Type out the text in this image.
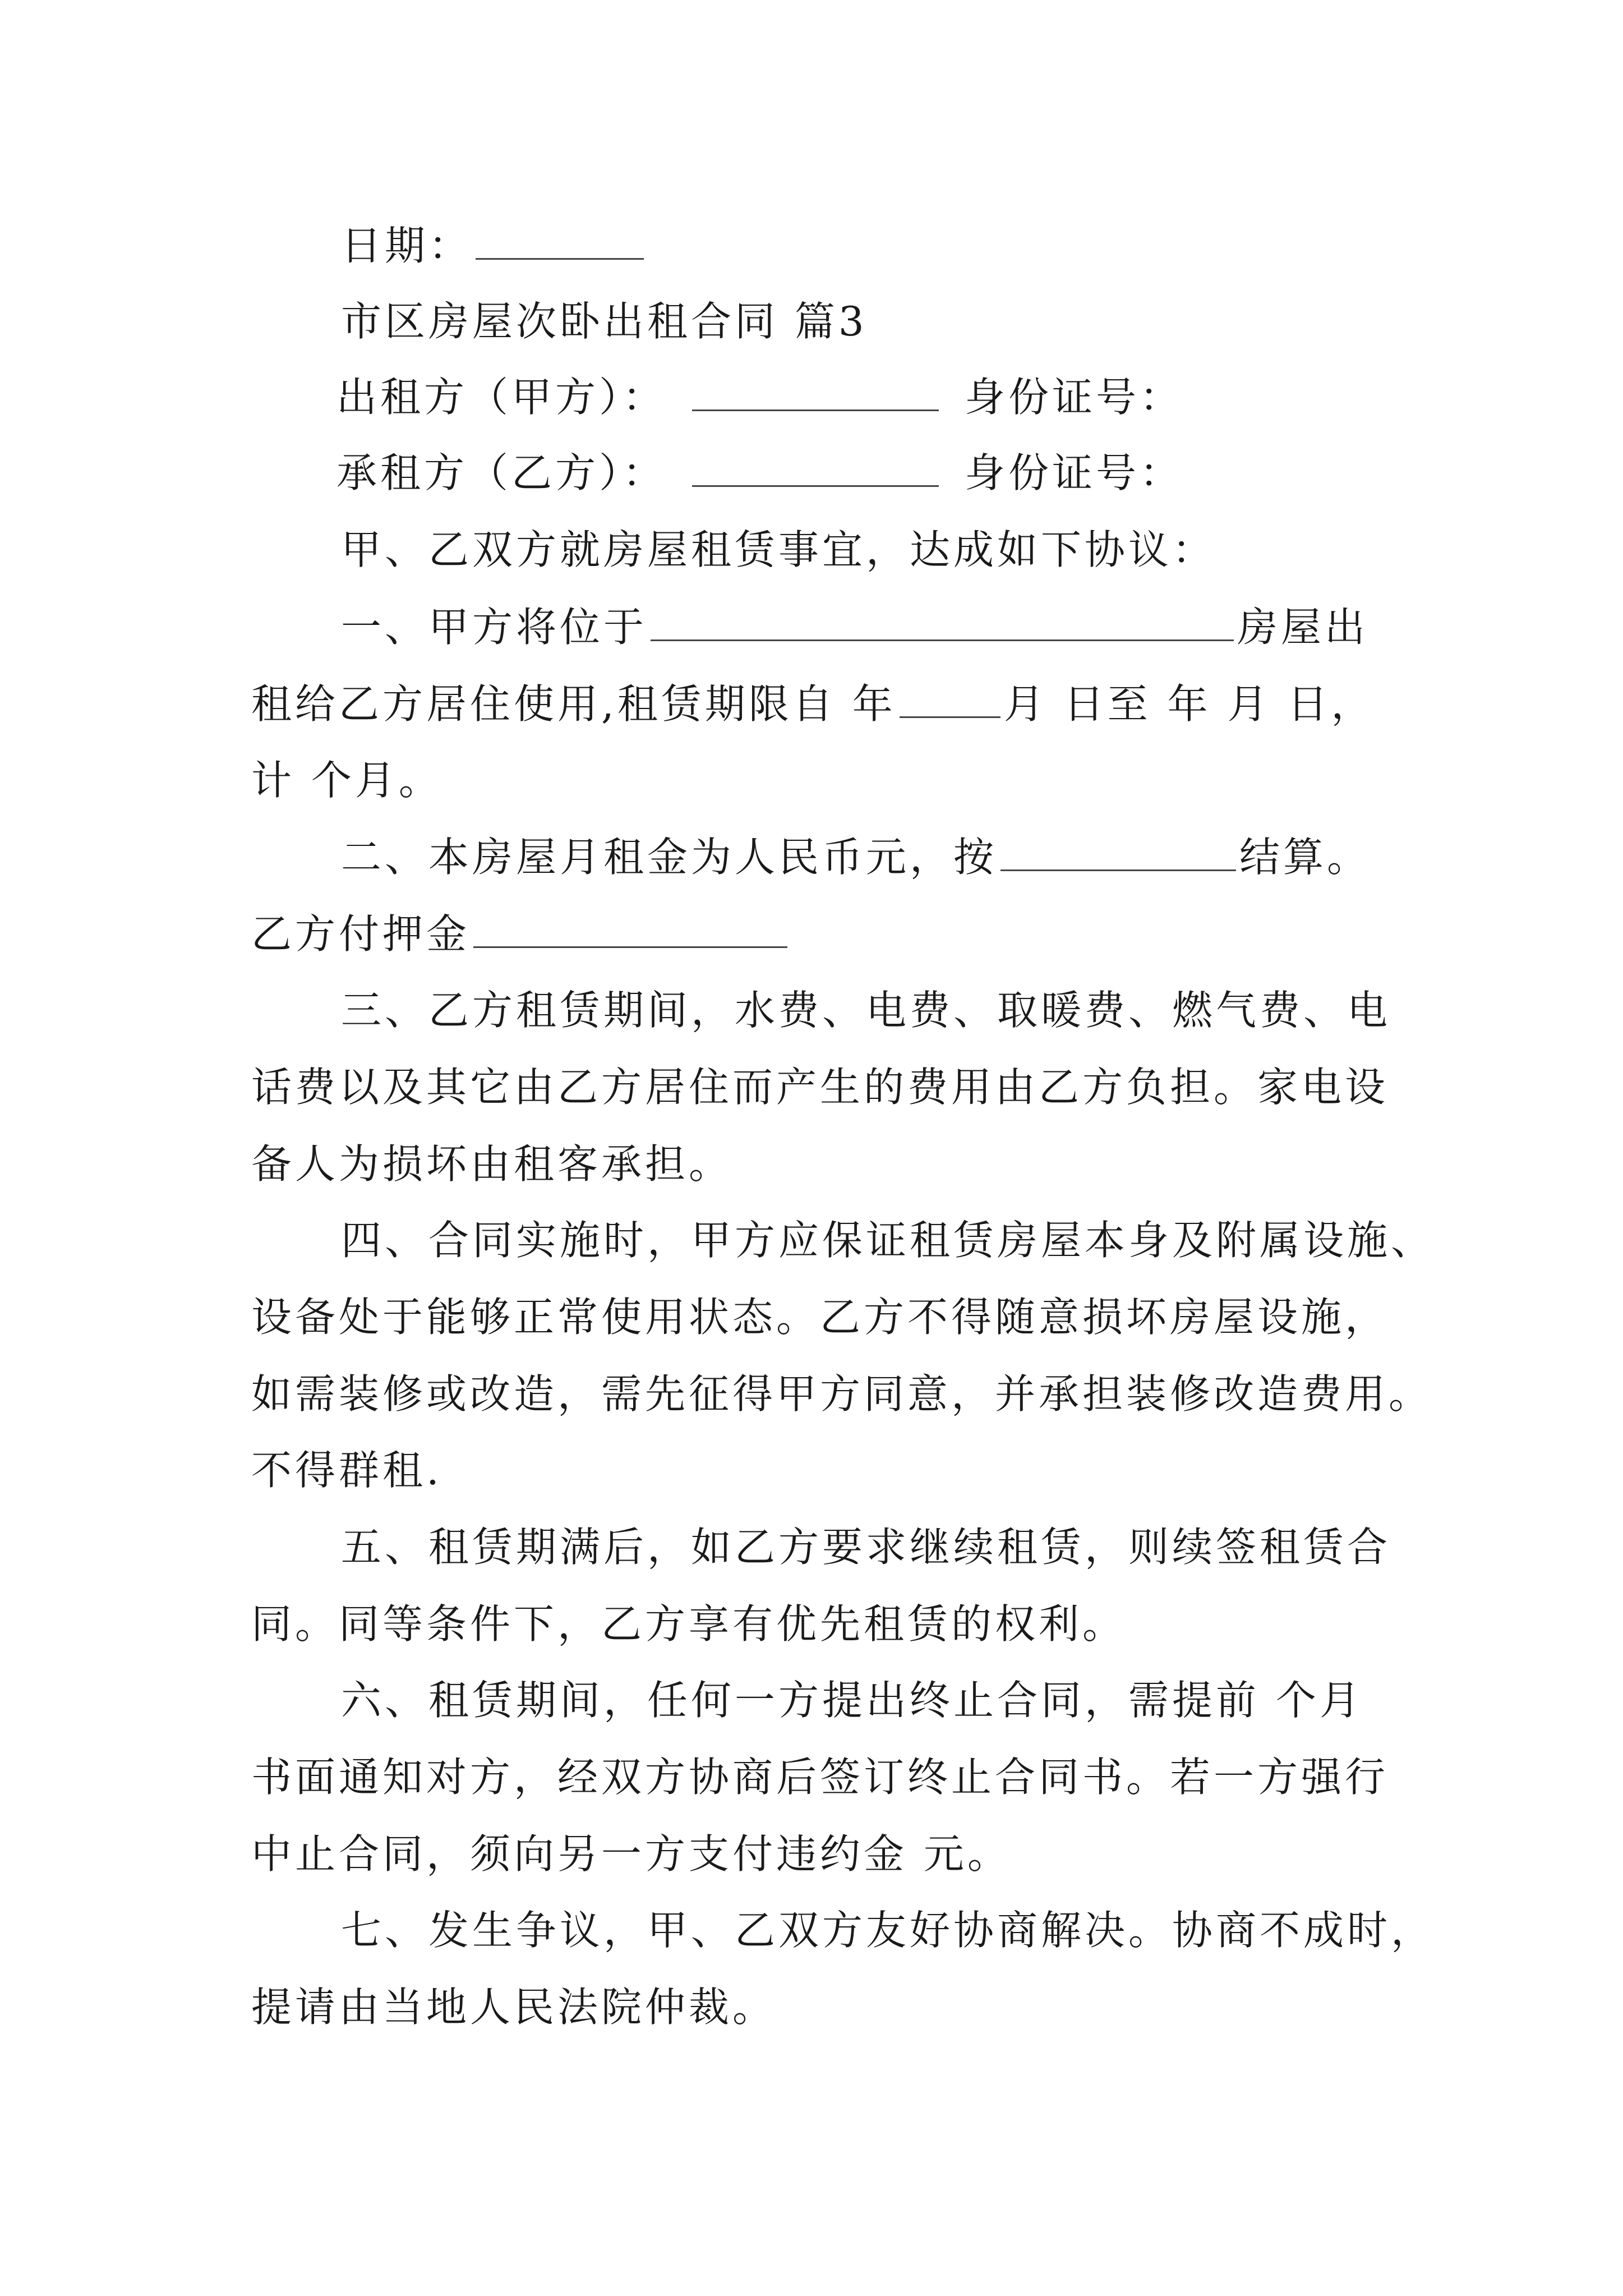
日期：
市区房屋次卧出租合同 篇3
出租方（甲方）：	身份证号：
承租方（乙方）：	身份证号：
甲、乙双方就房屋租赁事宜，达成如下协议：
一、甲方将位于	房屋出
租给乙方居住使用,租赁期限自 年	月 日至 年 月 日，
计 个月。
二、本房屋月租金为人民币元，按	结算。
乙方付押金
三、乙方租赁期间，水费、电费、取暖费、燃气费、电
话费以及其它由乙方居住而产生的费用由乙方负担。家电设
备人为损坏由租客承担。
四、合同实施时，甲方应保证租赁房屋本身及附属设施、
设备处于能够正常使用状态。乙方不得随意损坏房屋设施，
如需装修或改造，需先征得甲方同意，并承担装修改造费用。
不得群租.
五、租赁期满后，如乙方要求继续租赁，则续签租赁合
同。同等条件下，乙方享有优先租赁的权利。
六、租赁期间，任何一方提出终止合同，需提前 个月
书面通知对方，经双方协商后签订终止合同书。若一方强行
中止合同，须向另一方支付违约金 元。
七、发生争议，甲、乙双方友好协商解决。协商不成时，
提请由当地人民法院仲裁。
